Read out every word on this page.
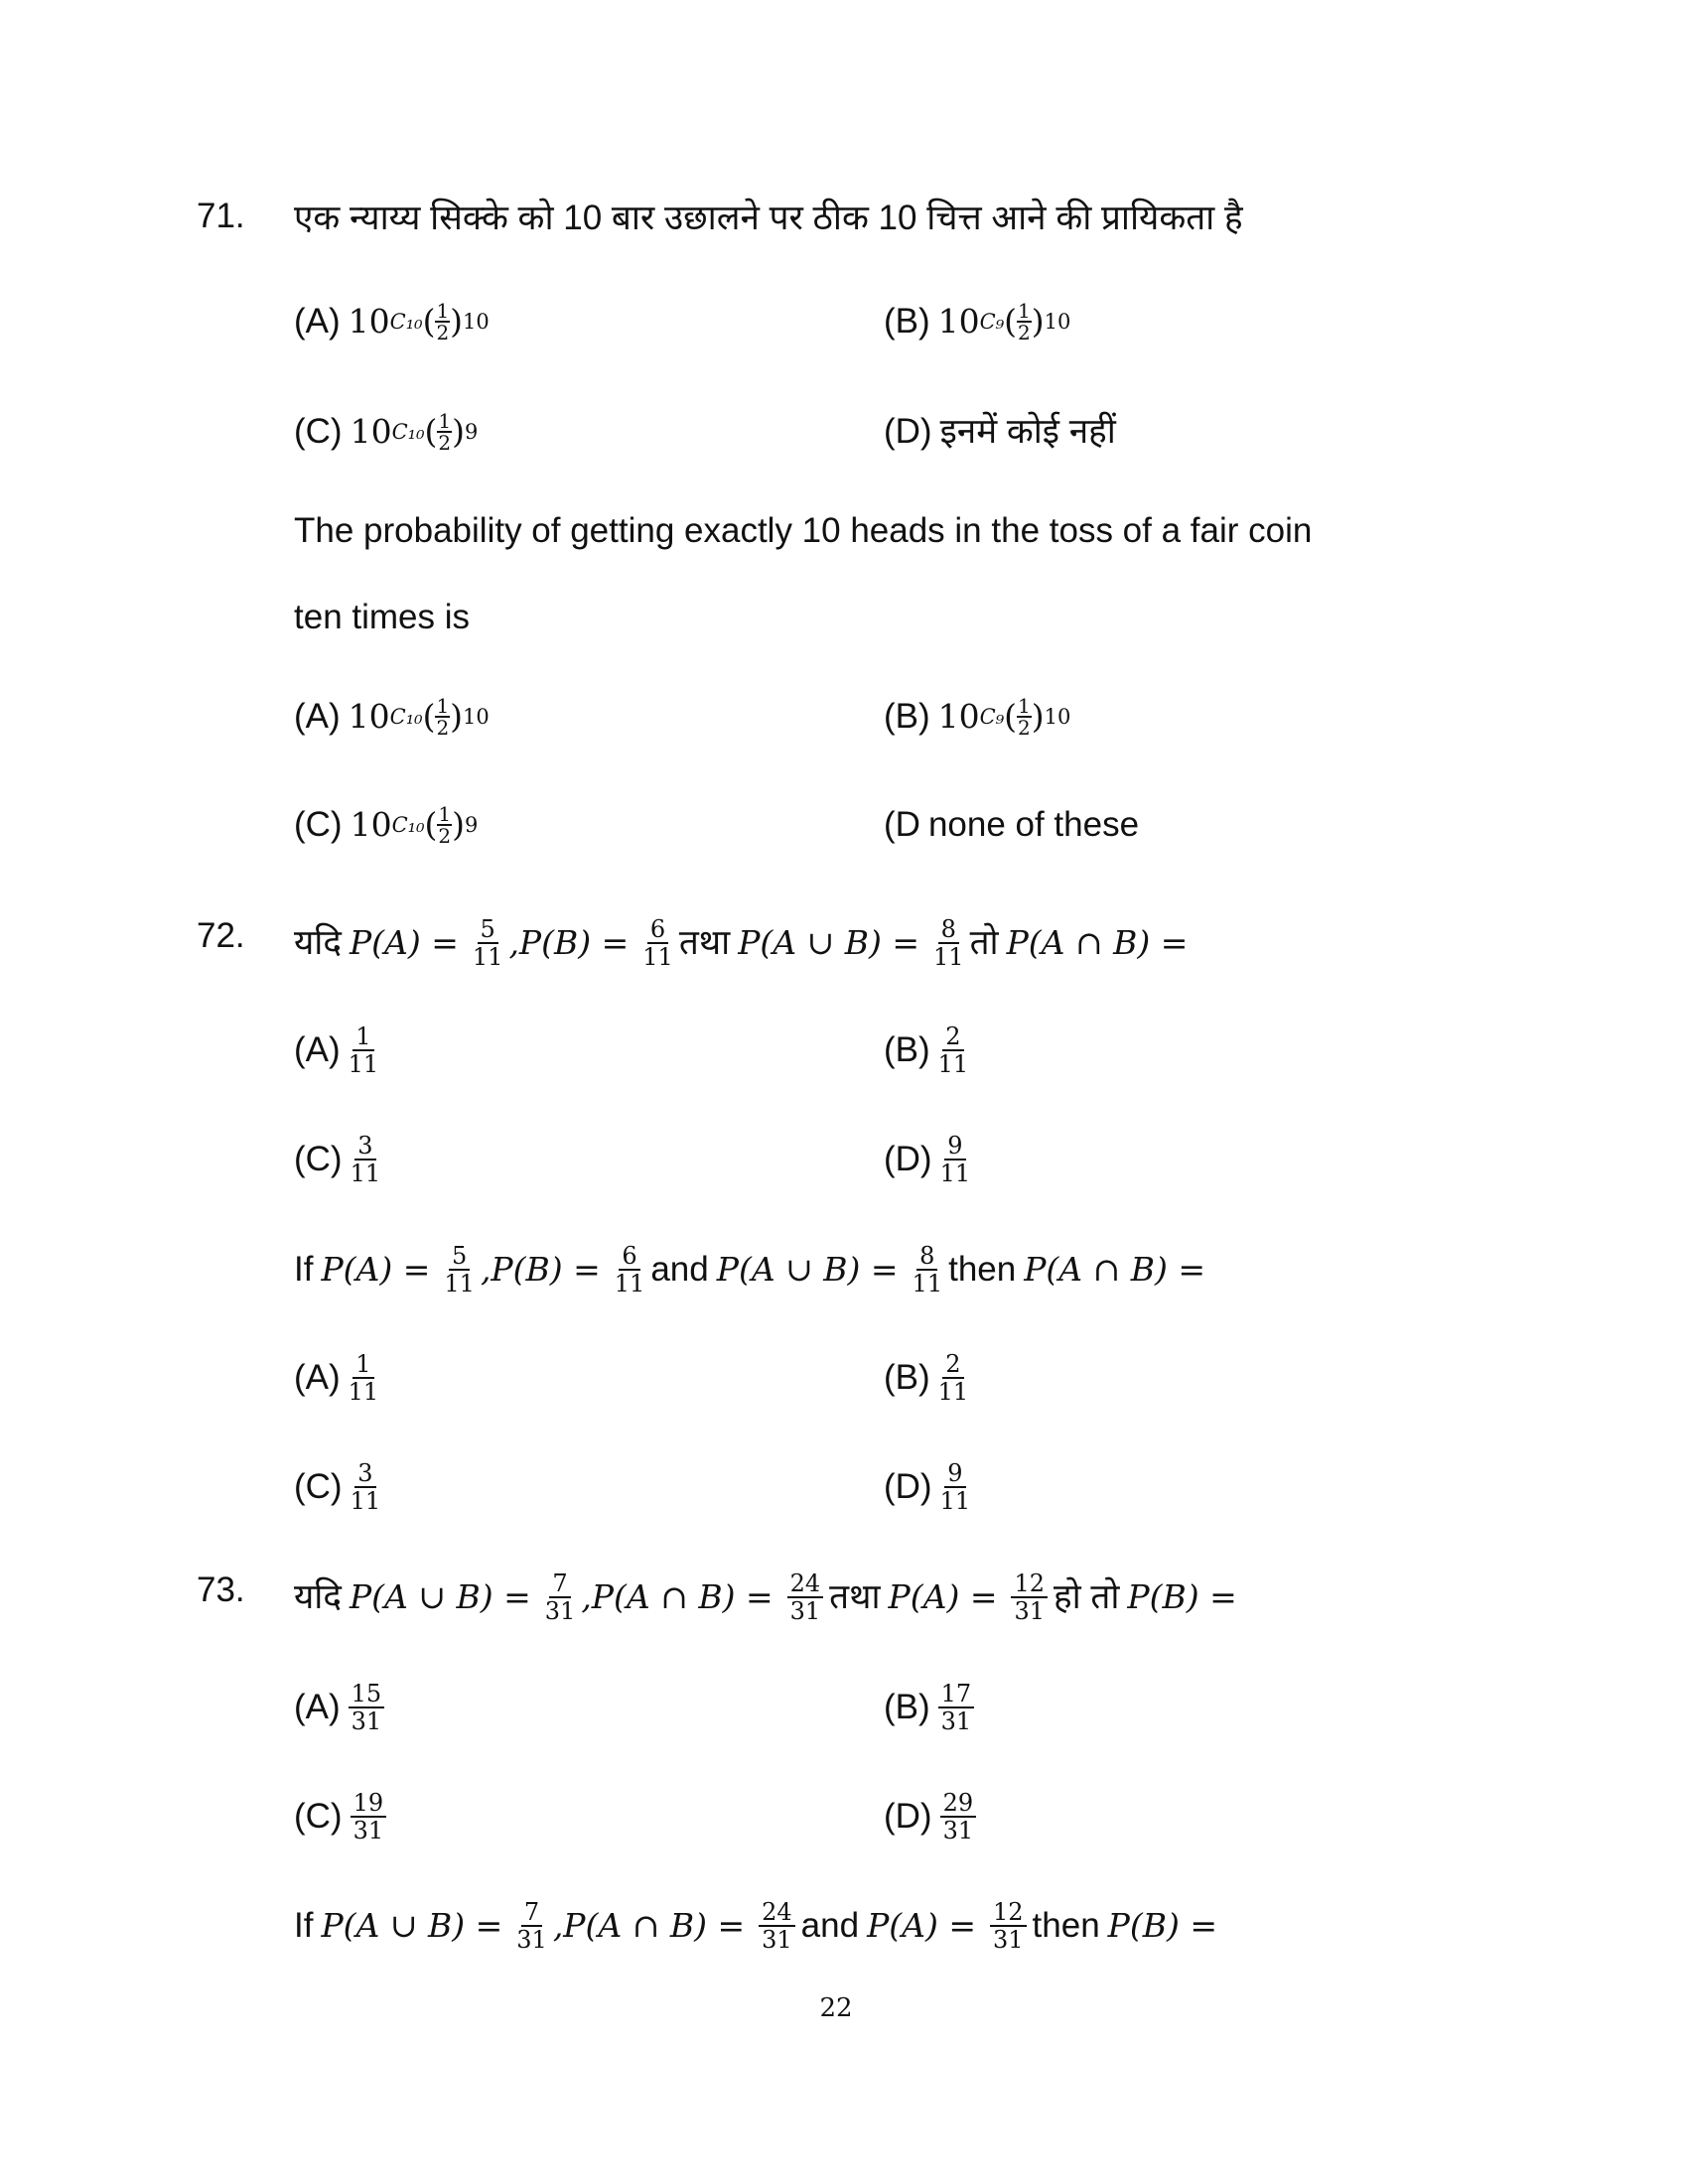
71. एक न्याय्य सिक्के को 10 बार उछालने पर ठीक 10 चित्त आने की प्रायिकता है
(A) 10 C₁₀ ( $\frac{1}{2}$ ) 10	(B) 10 C₉ ( $\frac{1}{2}$ ) 10
(C) 10 C₁₀ ( $\frac{1}{2}$ ) 9	(D) इनमें कोई नहीं
The probability of getting exactly 10 heads in the toss of a fair coin
ten times is
(A) 10 C₁₀ ( $\frac{1}{2}$ ) 10	(B) 10 C₉ ( $\frac{1}{2}$ ) 10
(C) 10 C₁₀ ( $\frac{1}{2}$ ) 9	(D none of these
72. यदि $P(A) = \frac{5}{11} ,P(B) = \frac{6}{11}$ तथा P(A ∪ $B) = \frac{8}{11}$ तो P(A ∩ B) =
$(A) \frac{1}{11}$	$(B) \frac{2}{11}$
$(C) \frac{3}{11}$	$(D) \frac{9}{11}$
If $P(A) = \frac{5}{11} ,P(B) = \frac{6}{11}$ and P(A ∪ $B) = \frac{8}{11}$ then P(A ∩ B) =
$(A) \frac{1}{11}$	$(B) \frac{2}{11}$
$(C) \frac{3}{11}$	$(D) \frac{9}{11}$
73. यदि P(A ∪ $B) = \frac{7}{31} ,P(A$ ∩ $B) = \frac{24}{31}$ तथा $P(A) = \frac{12}{31}$ हो तो P(B) =
$(A) \frac{15}{31}$	$(B) \frac{17}{31}$
$(C) \frac{19}{31}$	$(D) \frac{29}{31}$
If P(A ∪ $B) = \frac{7}{31} ,P(A$ ∩ $B) = \frac{24}{31}$ and $P(A) = \frac{12}{31}$ then P(B) =
22
